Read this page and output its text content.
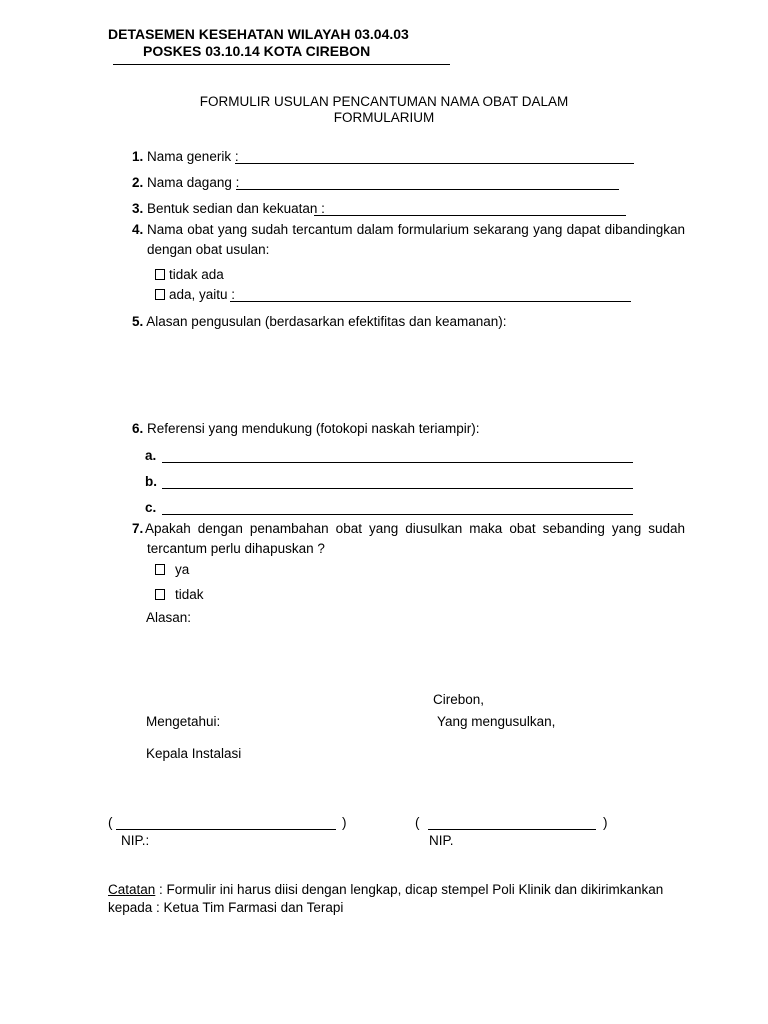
DETASEMEN KESEHATAN WILAYAH 03.04.03
POSKES 03.10.14 KOTA CIREBON
FORMULIR USULAN PENCANTUMAN NAMA OBAT DALAM
FORMULARIUM
1. Nama generik :
2. Nama dagang :
3. Bentuk sedian dan kekuatan :
4. Nama obat yang sudah tercantum dalam formularium sekarang yang dapat dibandingkan
dengan obat usulan:
tidak ada
ada, yaitu :
5. Alasan pengusulan (berdasarkan efektifitas dan keamanan):
6. Referensi yang mendukung (fotokopi naskah teriampir):
a.
b.
c.
7. Apakah dengan penambahan obat yang diusulkan maka obat sebanding yang sudah
tercantum perlu dihapuskan ?
ya
tidak
Alasan:
Cirebon,
Mengetahui:	Yang mengusulkan,
Kepala Instalasi
(	)
NIP.:
(	)
NIP.
Catatan : Formulir ini harus diisi dengan lengkap, dicap stempel Poli Klinik dan dikirimkankan
kepada : Ketua Tim Farmasi dan Terapi
